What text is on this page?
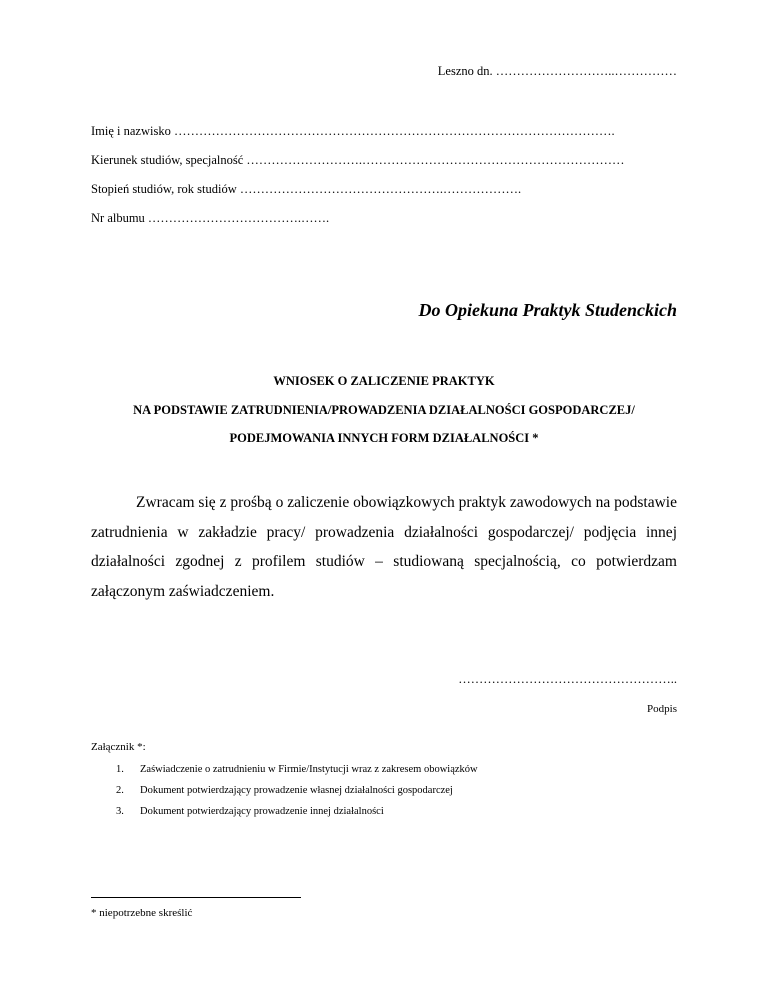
Leszno dn. ………………………..……………
Imię i nazwisko …………………………………………………………………………………………….
Kierunek studiów, specjalność ……………………….………………………………………………………
Stopień studiów, rok studiów ………………………………………….……………….
Nr albumu ……………………………….…….
Do Opiekuna Praktyk Studenckich
WNIOSEK O ZALICZENIE PRAKTYK
NA PODSTAWIE ZATRUDNIENIA/PROWADZENIA DZIAŁALNOŚCI GOSPODARCZEJ/
PODEJMOWANIA INNYCH FORM DZIAŁALNOŚCI *
Zwracam się z prośbą o zaliczenie obowiązkowych praktyk zawodowych na podstawie zatrudnienia w zakładzie pracy/ prowadzenia działalności gospodarczej/ podjęcia innej działalności zgodnej z profilem studiów – studiowaną specjalnością, co potwierdzam załączonym zaświadczeniem.
……………………………………………..
Podpis
Załącznik *:
1. Zaświadczenie o zatrudnieniu w Firmie/Instytucji wraz z zakresem obowiązków
2. Dokument potwierdzający prowadzenie własnej działalności gospodarczej
3. Dokument potwierdzający prowadzenie innej działalności
* niepotrzebne skreślić
